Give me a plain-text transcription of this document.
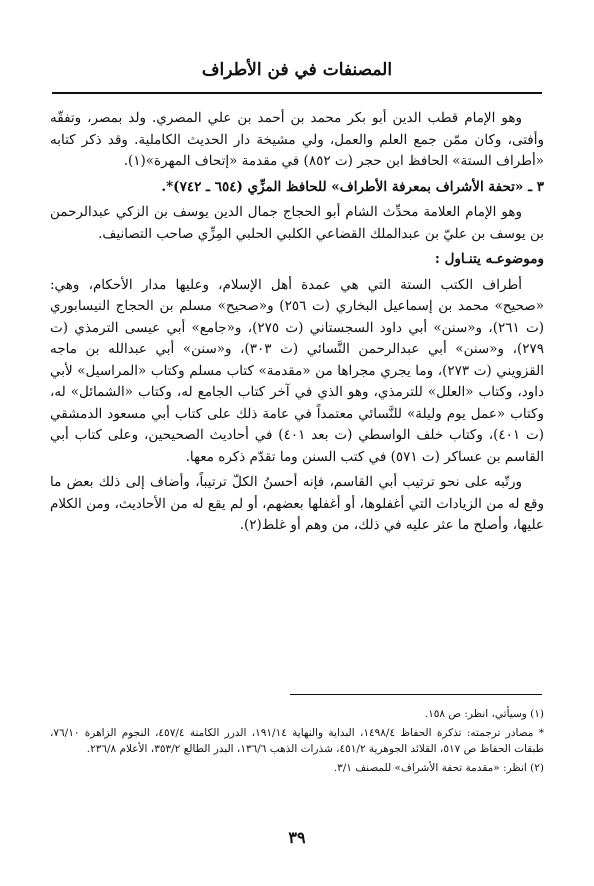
المصنفات في فن الأطراف

وهو الإمام قطب الدين أبو بكر محمد بن أحمد بن علي المصري. ولد بمصر، وتفقّه وأفتى، وكان ممّن جمع العلم والعمل، ولي مشيخة دار الحديث الكاملية. وقد ذكر كتابه «أطراف الستة» الحافظ ابن حجر (ت ٨٥٢) في مقدمة «إتحاف المهرة»(١).

٣ ـ «تحفة الأشراف بمعرفة الأطراف» للحافظ المزِّي (٦٥٤ ـ ٧٤٢)*.

وهو الإمام العلامة محدِّث الشام أبو الحجاج جمال الدين يوسف بن الزكي عبدالرحمن بن يوسف بن عليّ بن عبدالملك القضاعي الكلبي الحلبي المِزِّي صاحب التصانيف.

وموضوعـه يتنـاول :

أطراف الكتب الستة التي هي عمدة أهل الإسلام، وعليها مدار الأحكام، وهي: «صحيح» محمد بن إسماعيل البخاري (ت ٢٥٦) و«صحيح» مسلم بن الحجاج النيسابوري (ت ٢٦١)، و«سنن» أبي داود السجستاني (ت ٢٧٥)، و«جامع» أبي عيسى الترمذي (ت ٢٧٩)، و«سنن» أبي عبدالرحمن النَّسائي (ت ٣٠٣)، و«سنن» أبي عبدالله بن ماجه القزويني (ت ٢٧٣)، وما يجري مجراها من «مقدمة» كتاب مسلم وكتاب «المراسيل» لأبي داود، وكتاب «العلل» للترمذي، وهو الذي في آخر كتاب الجامع له، وكتاب «الشمائل» له، وكتاب «عمل يوم وليلة» للنَّسائي معتمداً في عامة ذلك على كتاب أبي مسعود الدمشقي (ت ٤٠١)، وكتاب خلف الواسطي (ت بعد ٤٠١) في أحاديث الصحيحين، وعلى كتاب أبي القاسم بن عساكر (ت ٥٧١) في كتب السنن وما تقدّم ذكره معها.

ورتّبه على نحو ترتيب أبي القاسم، فإنه أحسنُ الكلّ ترتيباً، وأضاف إلى ذلك بعض ما وقع له من الزيادات التي أغفلوها، أو أغفلها بعضهم، أو لم يقع له من الأحاديث، ومن الكلام عليها، وأصلح ما عثر عليه في ذلك، من وهم أو غلط(٢).

(١) وسيأتي، انظر: ص ١٥٨.

* مصادر ترجمته: تذكرة الحفاظ ١٤٩٨/٤، البداية والنهاية ١٩١/١٤، الدرر الكامنة ٤٥٧/٤، النجوم الزاهرة ٧٦/١٠، طبقات الحفاظ ص ٥١٧، القلائد الجوهرية ٤٥١/٢، شذرات الذهب ١٣٦/٦، البدر الطالع ٣٥٣/٢، الأعلام ٢٣٦/٨.

(٢) انظر: «مقدمة تحفة الأشراف» للمصنف ٣/١.

٣٩
